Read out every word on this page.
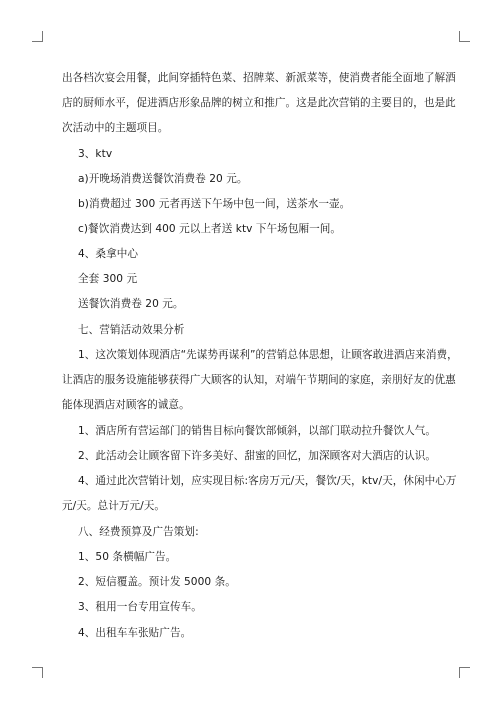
出各档次宴会用餐，此间穿插特色菜、招牌菜、新派菜等，使消费者能全面地了解酒
店的厨师水平，促进酒店形象品牌的树立和推广。这是此次营销的主要目的，也是此
次活动中的主题项目。
3、ktv
a)开晚场消费送餐饮消费卷 20 元。
b)消费超过 300 元者再送下午场中包一间，送茶水一壶。
c)餐饮消费达到 400 元以上者送 ktv 下午场包厢一间。
4、桑拿中心
全套 300 元
送餐饮消费卷 20 元。
七、营销活动效果分析
1、这次策划体现酒店“先谋势再谋利”的营销总体思想，让顾客敢进酒店来消费，
让酒店的服务设施能够获得广大顾客的认知，对端午节期间的家庭，亲朋好友的优惠
能体现酒店对顾客的诚意。
1、酒店所有营运部门的销售目标向餐饮部倾斜，以部门联动拉升餐饮人气。
2、此活动会让顾客留下许多美好、甜蜜的回忆，加深顾客对大酒店的认识。
4、通过此次营销计划，应实现目标:客房万元/天，餐饮/天，ktv/天，休闲中心万
元/天。总计万元/天。
八、经费预算及广告策划:
1、50 条横幅广告。
2、短信覆盖。预计发 5000 条。
3、租用一台专用宣传车。
4、出租车车张贴广告。
